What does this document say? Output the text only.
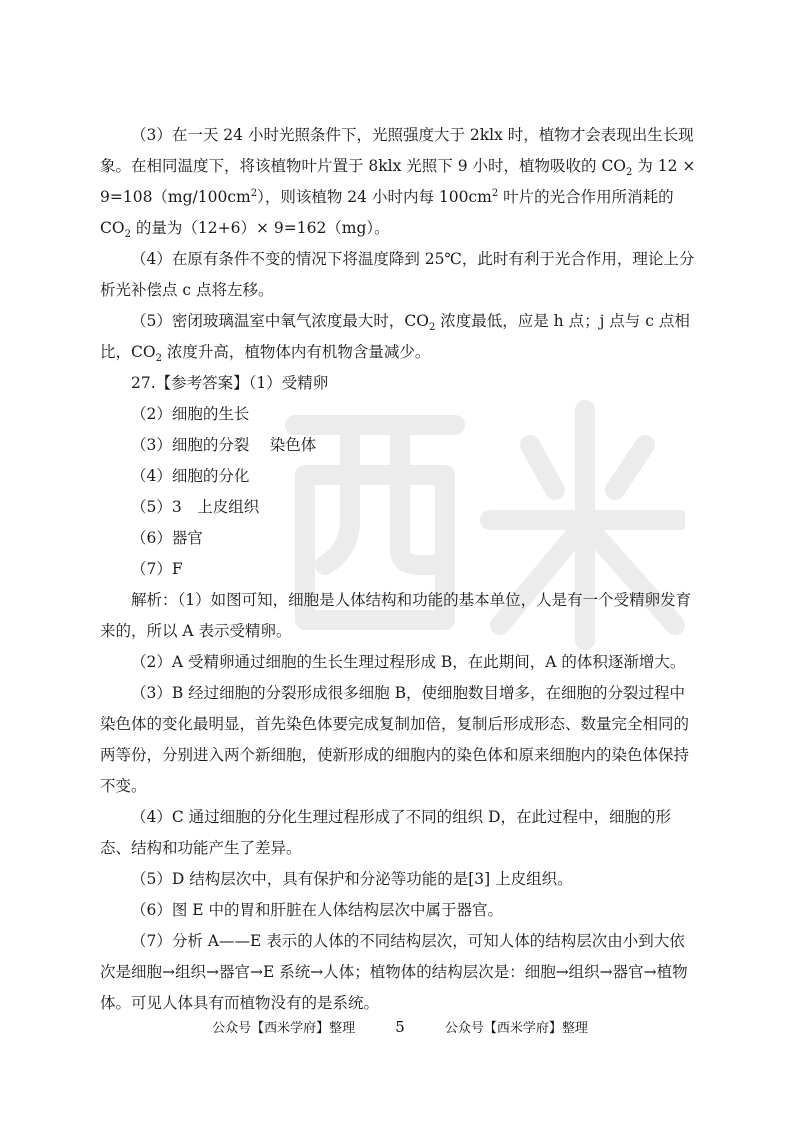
（3）在一天 24 小时光照条件下，光照强度大于 2klx 时，植物才会表现出生长现象。在相同温度下，将该植物叶片置于 8klx 光照下 9 小时，植物吸收的 $CO_2$ 为 $12 \times 9=108(mg/100cm^2)$，则该植物 24 小时内每 $100cm^2$ 叶片的光合作用所消耗的 $CO_2$ 的量为（12+6）× 9=162（mg）。

（4）在原有条件不变的情况下将温度降到 25℃，此时有利于光合作用，理论上分析光补偿点 c 点将左移。

（5）密闭玻璃温室中氧气浓度最大时，$CO_2$ 浓度最低，应是 h 点；j 点与 c 点相比，$CO_2$ 浓度升高，植物体内有机物含量减少。

27.【参考答案】（1）受精卵

（2）细胞的生长

（3）细胞的分裂　 染色体

（4）细胞的分化

（5）3　上皮组织

（6）器官

（7）F

解析：（1）如图可知，细胞是人体结构和功能的基本单位，人是有一个受精卵发育来的，所以 A 表示受精卵。

（2）A 受精卵通过细胞的生长生理过程形成 B，在此期间，A 的体积逐渐增大。

（3）B 经过细胞的分裂形成很多细胞 B，使细胞数目增多，在细胞的分裂过程中染色体的变化最明显，首先染色体要完成复制加倍，复制后形成形态、数量完全相同的两等份，分别进入两个新细胞，使新形成的细胞内的染色体和原来细胞内的染色体保持不变。

（4）C 通过细胞的分化生理过程形成了不同的组织 D，在此过程中，细胞的形态、结构和功能产生了差异。

（5）D 结构层次中，具有保护和分泌等功能的是[3] 上皮组织。

（6）图 E 中的胃和肝脏在人体结构层次中属于器官。

（7）分析 A——E 表示的人体的不同结构层次，可知人体的结构层次由小到大依次是细胞→组织→器官→E 系统→人体；植物体的结构层次是：细胞→组织→器官→植物体。可见人体具有而植物没有的是系统。

公众号【西米学府】整理	5	公众号【西米学府】整理
